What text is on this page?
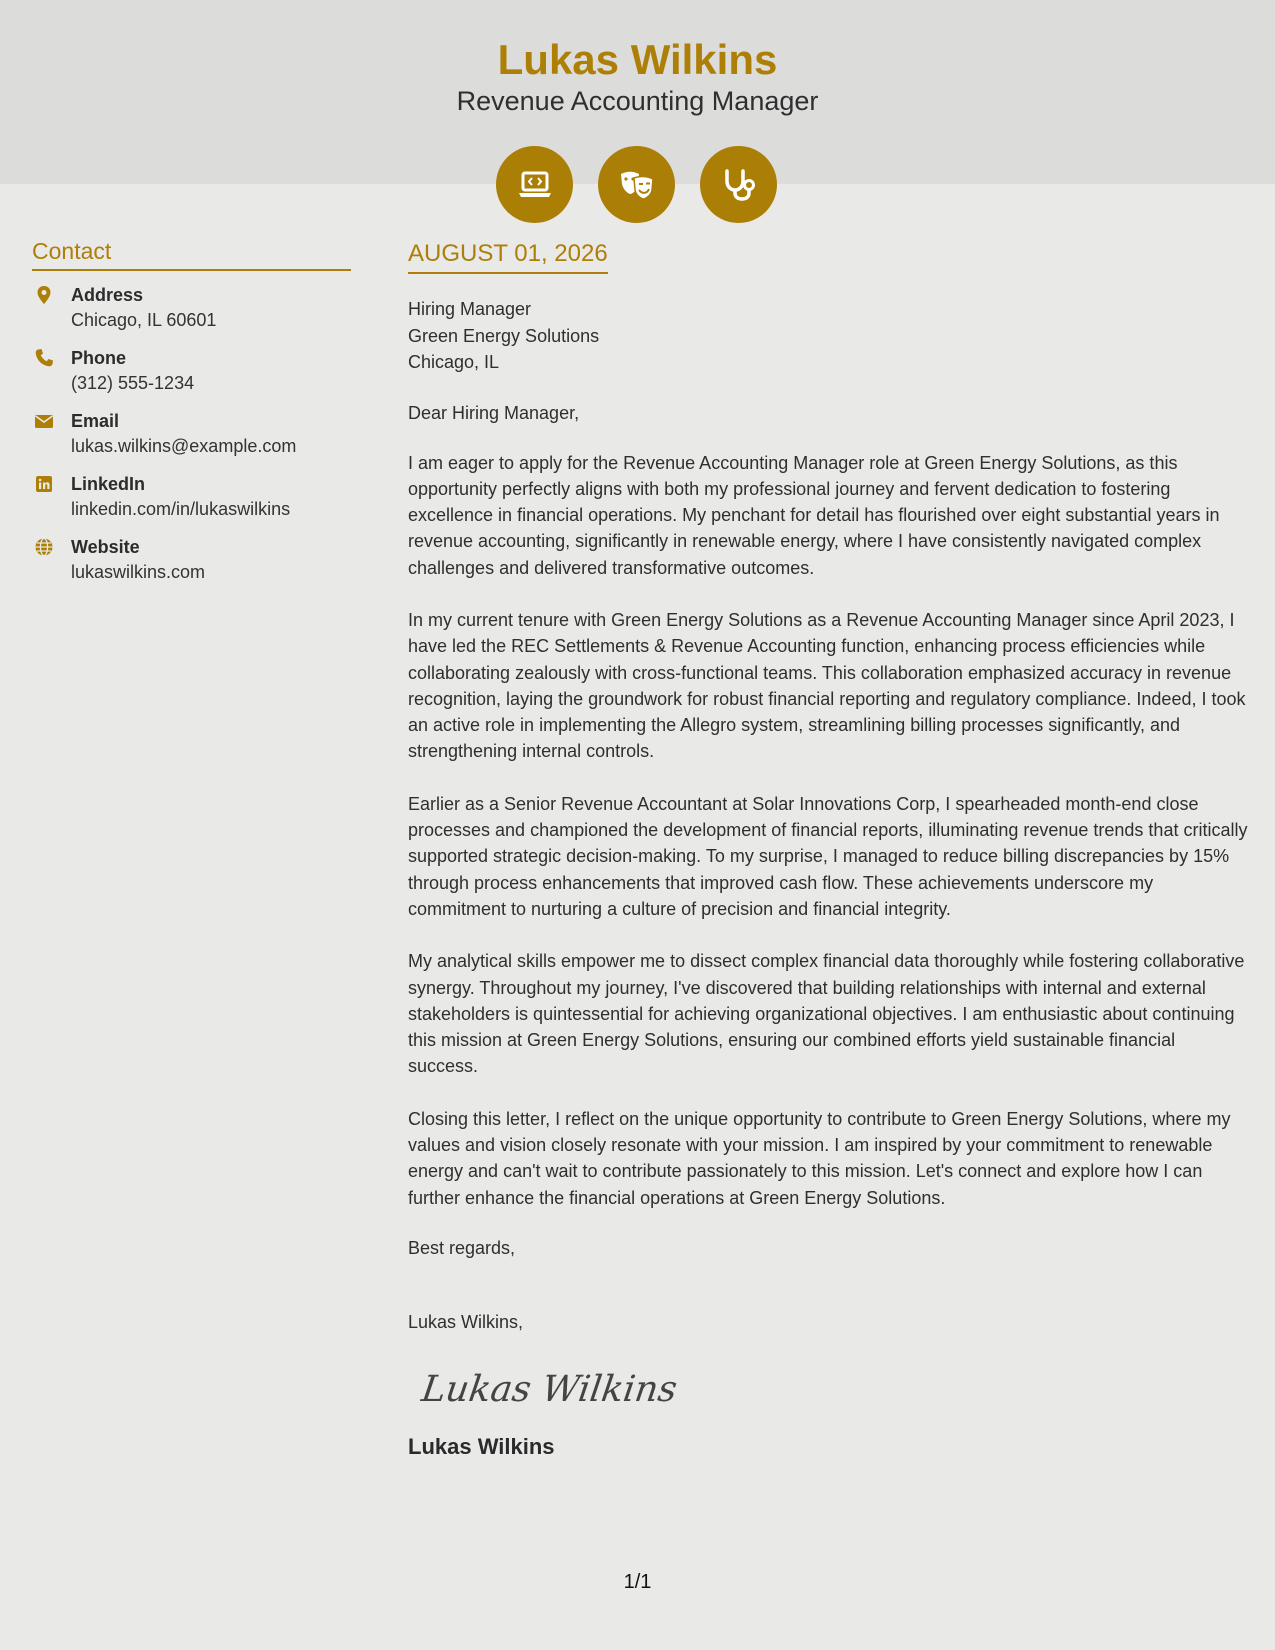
Lukas Wilkins
Revenue Accounting Manager
Contact
Address
Chicago, IL 60601
Phone
(312) 555-1234
Email
lukas.wilkins@example.com
LinkedIn
linkedin.com/in/lukaswilkins
Website
lukaswilkins.com
AUGUST 01, 2026
Hiring Manager
Green Energy Solutions
Chicago, IL
Dear Hiring Manager,
I am eager to apply for the Revenue Accounting Manager role at Green Energy Solutions, as this opportunity perfectly aligns with both my professional journey and fervent dedication to fostering excellence in financial operations. My penchant for detail has flourished over eight substantial years in revenue accounting, significantly in renewable energy, where I have consistently navigated complex challenges and delivered transformative outcomes.
In my current tenure with Green Energy Solutions as a Revenue Accounting Manager since April 2023, I have led the REC Settlements & Revenue Accounting function, enhancing process efficiencies while collaborating zealously with cross-functional teams. This collaboration emphasized accuracy in revenue recognition, laying the groundwork for robust financial reporting and regulatory compliance. Indeed, I took an active role in implementing the Allegro system, streamlining billing processes significantly, and strengthening internal controls.
Earlier as a Senior Revenue Accountant at Solar Innovations Corp, I spearheaded month-end close processes and championed the development of financial reports, illuminating revenue trends that critically supported strategic decision-making. To my surprise, I managed to reduce billing discrepancies by 15% through process enhancements that improved cash flow. These achievements underscore my commitment to nurturing a culture of precision and financial integrity.
My analytical skills empower me to dissect complex financial data thoroughly while fostering collaborative synergy. Throughout my journey, I've discovered that building relationships with internal and external stakeholders is quintessential for achieving organizational objectives. I am enthusiastic about continuing this mission at Green Energy Solutions, ensuring our combined efforts yield sustainable financial success.
Closing this letter, I reflect on the unique opportunity to contribute to Green Energy Solutions, where my values and vision closely resonate with your mission. I am inspired by your commitment to renewable energy and can't wait to contribute passionately to this mission. Let's connect and explore how I can further enhance the financial operations at Green Energy Solutions.
Best regards,
Lukas Wilkins,
Lukas Wilkins
Lukas Wilkins
1/1
